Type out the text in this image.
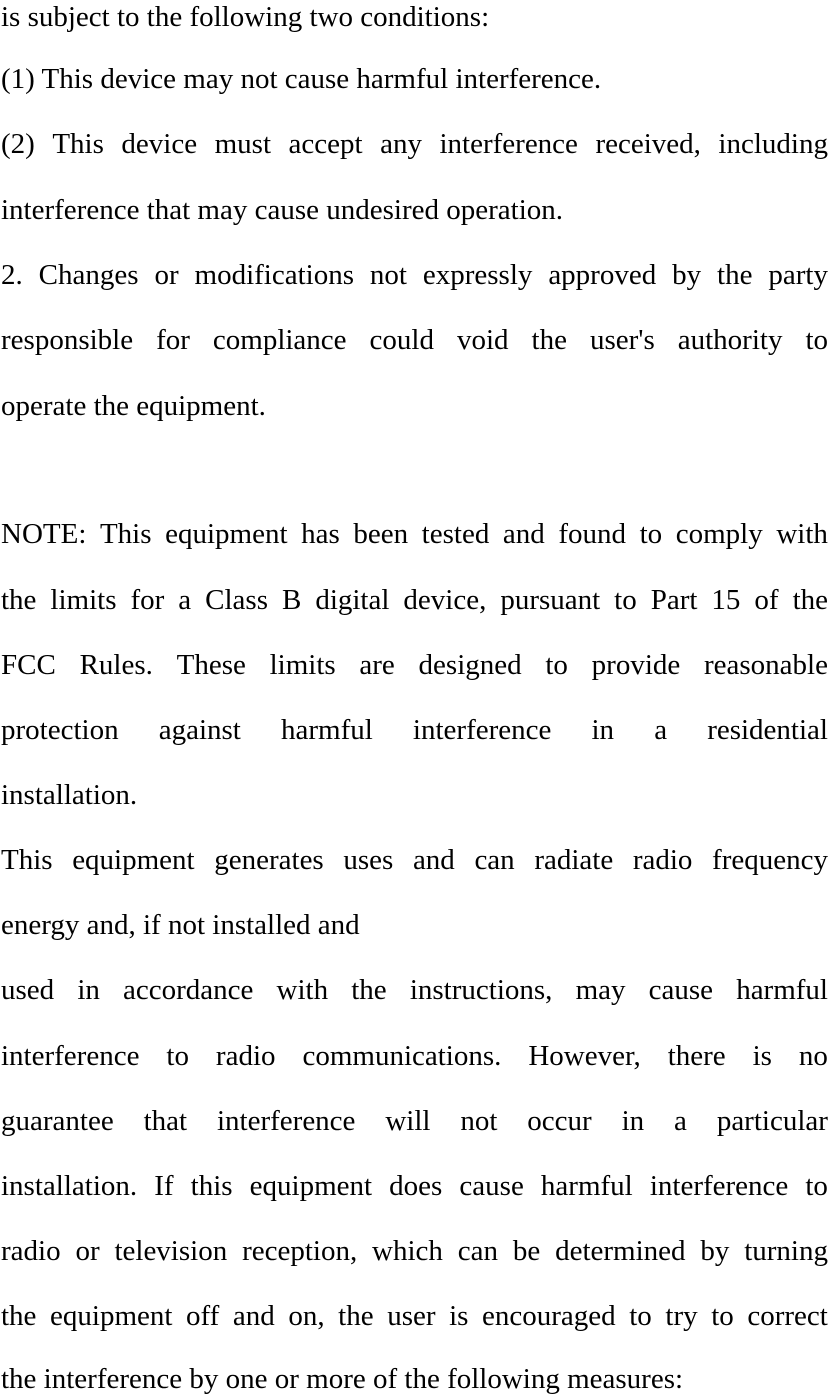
is subject to the following two conditions:
(1) This device may not cause harmful interference.
(2) This device must accept any interference received, including
interference that may cause undesired operation.
2. Changes or modifications not expressly approved by the party
responsible for compliance could void the user's authority to
operate the equipment.
NOTE: This equipment has been tested and found to comply with
the limits for a Class B digital device, pursuant to Part 15 of the
FCC Rules. These limits are designed to provide reasonable
protection against harmful interference in a residential
installation.
This equipment generates uses and can radiate radio frequency
energy and, if not installed and
used in accordance with the instructions, may cause harmful
interference to radio communications. However, there is no
guarantee that interference will not occur in a particular
installation. If this equipment does cause harmful interference to
radio or television reception, which can be determined by turning
the equipment off and on, the user is encouraged to try to correct
the interference by one or more of the following measures:
